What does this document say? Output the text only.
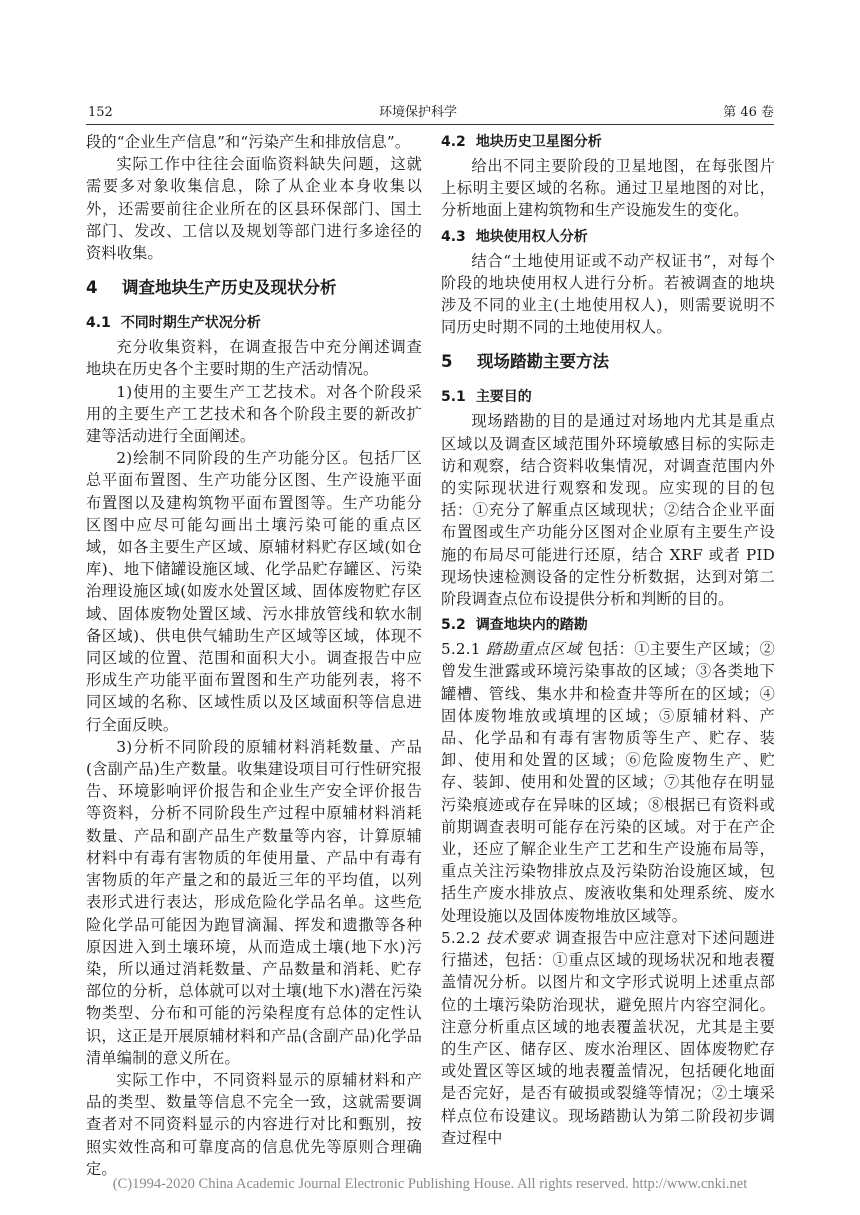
152	环境保护科学	第 46 卷

段的“企业生产信息”和“污染产生和排放信息”。

实际工作中往往会面临资料缺失问题，这就需要多对象收集信息，除了从企业本身收集以外，还需要前往企业所在的区县环保部门、国土部门、发改、工信以及规划等部门进行多途径的资料收集。

4 调查地块生产历史及现状分析
4.1 不同时期生产状况分析

充分收集资料，在调查报告中充分阐述调查地块在历史各个主要时期的生产活动情况。

1)使用的主要生产工艺技术。对各个阶段采用的主要生产工艺技术和各个阶段主要的新改扩建等活动进行全面阐述。

2)绘制不同阶段的生产功能分区。包括厂区总平面布置图、生产功能分区图、生产设施平面布置图以及建构筑物平面布置图等。生产功能分区图中应尽可能勾画出土壤污染可能的重点区域，如各主要生产区域、原辅材料贮存区域(如仓库)、地下储罐设施区域、化学品贮存罐区、污染治理设施区域(如废水处置区域、固体废物贮存区域、固体废物处置区域、污水排放管线和软水制备区域)、供电供气辅助生产区域等区域，体现不同区域的位置、范围和面积大小。调查报告中应形成生产功能平面布置图和生产功能列表，将不同区域的名称、区域性质以及区域面积等信息进行全面反映。

3)分析不同阶段的原辅材料消耗数量、产品(含副产品)生产数量。收集建设项目可行性研究报告、环境影响评价报告和企业生产安全评价报告等资料，分析不同阶段生产过程中原辅材料消耗数量、产品和副产品生产数量等内容，计算原辅材料中有毒有害物质的年使用量、产品中有毒有害物质的年产量之和的最近三年的平均值，以列表形式进行表达，形成危险化学品名单。这些危险化学品可能因为跑冒滴漏、挥发和遗撒等各种原因进入到土壤环境，从而造成土壤(地下水)污染，所以通过消耗数量、产品数量和消耗、贮存部位的分析，总体就可以对土壤(地下水)潜在污染物类型、分布和可能的污染程度有总体的定性认识，这正是开展原辅材料和产品(含副产品)化学品清单编制的意义所在。

实际工作中，不同资料显示的原辅材料和产品的类型、数量等信息不完全一致，这就需要调查者对不同资料显示的内容进行对比和甄别，按照实效性高和可靠度高的信息优先等原则合理确定。

4.2 地块历史卫星图分析

给出不同主要阶段的卫星地图，在每张图片上标明主要区域的名称。通过卫星地图的对比，分析地面上建构筑物和生产设施发生的变化。

4.3 地块使用权人分析

结合“土地使用证或不动产权证书”，对每个阶段的地块使用权人进行分析。若被调查的地块涉及不同的业主(土地使用权人)，则需要说明不同历史时期不同的土地使用权人。

5 现场踏勘主要方法
5.1 主要目的

现场踏勘的目的是通过对场地内尤其是重点区域以及调查区域范围外环境敏感目标的实际走访和观察，结合资料收集情况，对调查范围内外的实际现状进行观察和发现。应实现的目的包括：①充分了解重点区域现状；②结合企业平面布置图或生产功能分区图对企业原有主要生产设施的布局尽可能进行还原，结合 XRF 或者 PID 现场快速检测设备的定性分析数据，达到对第二阶段调查点位布设提供分析和判断的目的。

5.2 调查地块内的踏勘

5.2.1 踏勘重点区域 包括：①主要生产区域；②曾发生泄露或环境污染事故的区域；③各类地下罐槽、管线、集水井和检查井等所在的区域；④固体废物堆放或填埋的区域；⑤原辅材料、产品、化学品和有毒有害物质等生产、贮存、装卸、使用和处置的区域；⑥危险废物生产、贮存、装卸、使用和处置的区域；⑦其他存在明显污染痕迹或存在异味的区域；⑧根据已有资料或前期调查表明可能存在污染的区域。对于在产企业，还应了解企业生产工艺和生产设施布局等，重点关注污染物排放点及污染防治设施区域，包括生产废水排放点、废液收集和处理系统、废水处理设施以及固体废物堆放区域等。

5.2.2 技术要求 调查报告中应注意对下述问题进行描述，包括：①重点区域的现场状况和地表覆盖情况分析。以图片和文字形式说明上述重点部位的土壤污染防治现状，避免照片内容空洞化。注意分析重点区域的地表覆盖状况，尤其是主要的生产区、储存区、废水治理区、固体废物贮存或处置区等区域的地表覆盖情况，包括硬化地面是否完好，是否有破损或裂缝等情况；②土壤采样点位布设建议。现场踏勘认为第二阶段初步调查过程中

(C)1994-2020 China Academic Journal Electronic Publishing House. All rights reserved. http://www.cnki.net
